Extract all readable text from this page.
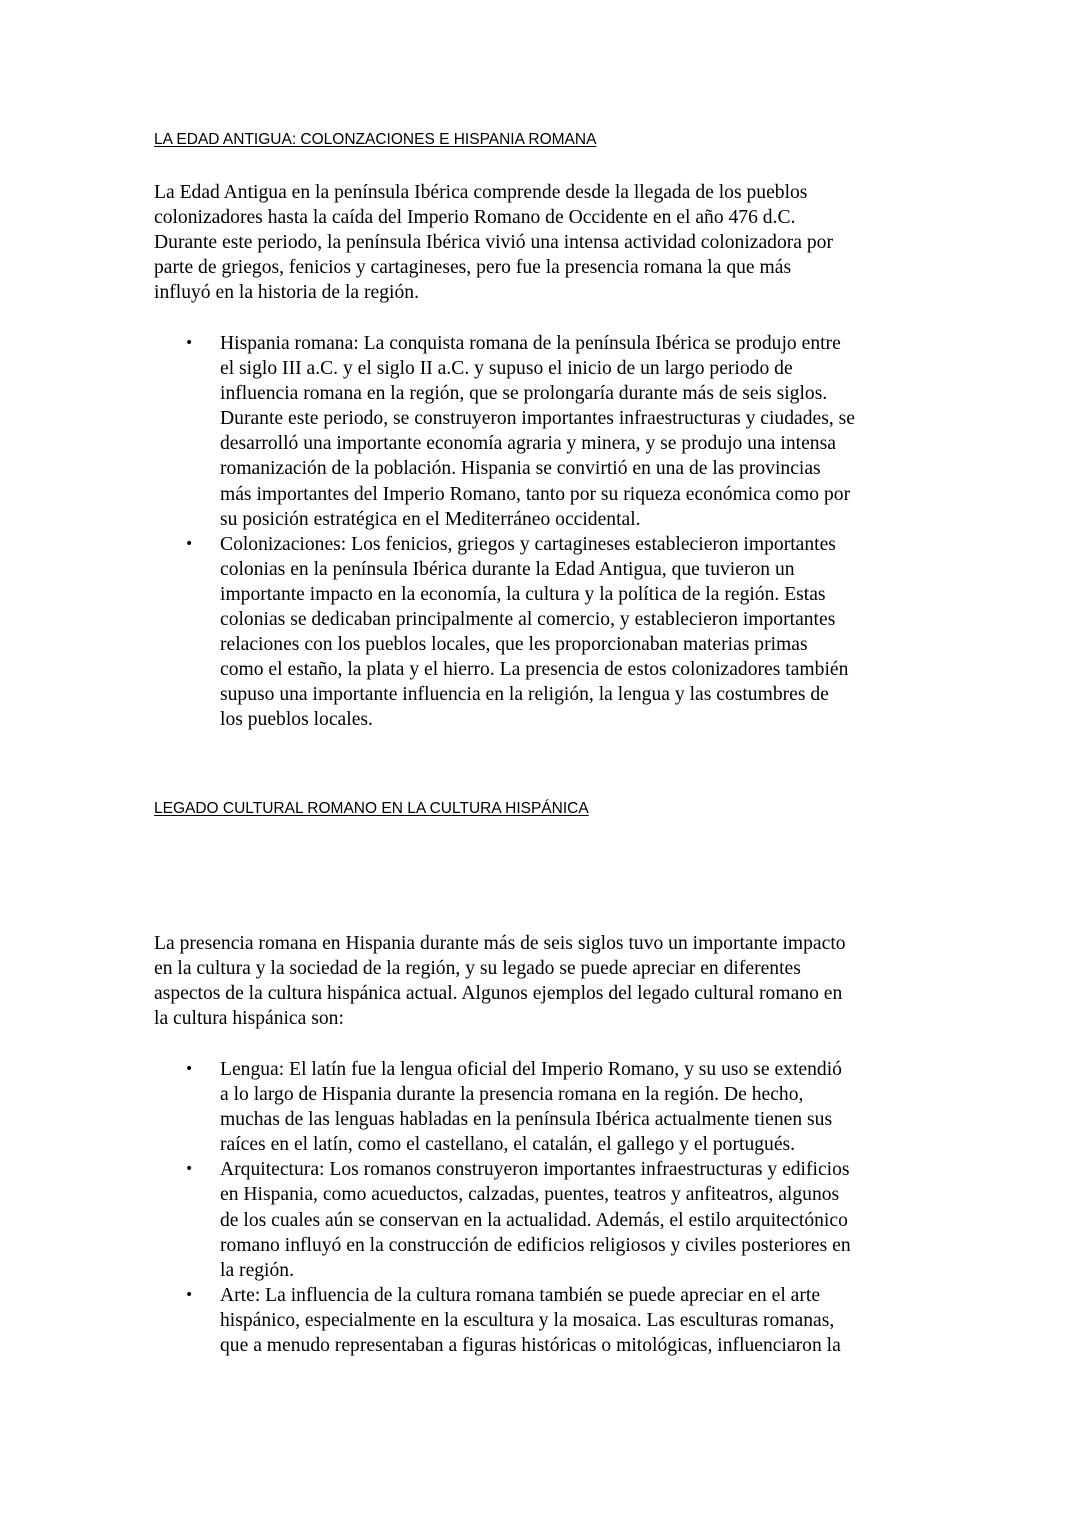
LA EDAD ANTIGUA: COLONZACIONES E HISPANIA ROMANA

La Edad Antigua en la península Ibérica comprende desde la llegada de los pueblos
colonizadores hasta la caída del Imperio Romano de Occidente en el año 476 d.C.
Durante este periodo, la península Ibérica vivió una intensa actividad colonizadora por
parte de griegos, fenicios y cartagineses, pero fue la presencia romana la que más
influyó en la historia de la región.

• Hispania romana: La conquista romana de la península Ibérica se produjo entre
el siglo III a.C. y el siglo II a.C. y supuso el inicio de un largo periodo de
influencia romana en la región, que se prolongaría durante más de seis siglos.
Durante este periodo, se construyeron importantes infraestructuras y ciudades, se
desarrolló una importante economía agraria y minera, y se produjo una intensa
romanización de la población. Hispania se convirtió en una de las provincias
más importantes del Imperio Romano, tanto por su riqueza económica como por
su posición estratégica en el Mediterráneo occidental.
• Colonizaciones: Los fenicios, griegos y cartagineses establecieron importantes
colonias en la península Ibérica durante la Edad Antigua, que tuvieron un
importante impacto en la economía, la cultura y la política de la región. Estas
colonias se dedicaban principalmente al comercio, y establecieron importantes
relaciones con los pueblos locales, que les proporcionaban materias primas
como el estaño, la plata y el hierro. La presencia de estos colonizadores también
supuso una importante influencia en la religión, la lengua y las costumbres de
los pueblos locales.

LEGADO CULTURAL ROMANO EN LA CULTURA HISPÁNICA

La presencia romana en Hispania durante más de seis siglos tuvo un importante impacto
en la cultura y la sociedad de la región, y su legado se puede apreciar en diferentes
aspectos de la cultura hispánica actual. Algunos ejemplos del legado cultural romano en
la cultura hispánica son:

• Lengua: El latín fue la lengua oficial del Imperio Romano, y su uso se extendió
a lo largo de Hispania durante la presencia romana en la región. De hecho,
muchas de las lenguas habladas en la península Ibérica actualmente tienen sus
raíces en el latín, como el castellano, el catalán, el gallego y el portugués.
• Arquitectura: Los romanos construyeron importantes infraestructuras y edificios
en Hispania, como acueductos, calzadas, puentes, teatros y anfiteatros, algunos
de los cuales aún se conservan en la actualidad. Además, el estilo arquitectónico
romano influyó en la construcción de edificios religiosos y civiles posteriores en
la región.
• Arte: La influencia de la cultura romana también se puede apreciar en el arte
hispánico, especialmente en la escultura y la mosaica. Las esculturas romanas,
que a menudo representaban a figuras históricas o mitológicas, influenciaron la
